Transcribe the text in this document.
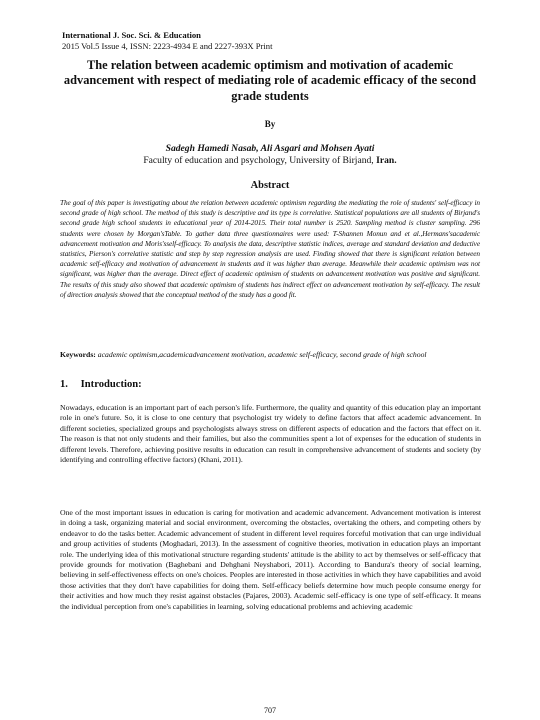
International J. Soc. Sci. & Education
2015 Vol.5 Issue 4, ISSN: 2223-4934 E and 2227-393X Print
The relation between academic optimism and motivation of academic advancement with respect of mediating role of academic efficacy of the second grade students
By
Sadegh Hamedi Nasab, Ali Asgari and Mohsen Ayati
Faculty of education and psychology, University of Birjand, Iran.
Abstract
The goal of this paper is investigating about the relation between academic optimism regarding the mediating the role of students' self-efficacy in second grade of high school. The method of this study is descriptive and its type is correlative. Statistical populations are all students of Birjand's second grade high school students in educational year of 2014-2015. Their total number is 2520. Sampling method is cluster sampling. 296 students were chosen by Morgan'sTable. To gather data three questionnaires were used: T-Shannen Monun and et al.,Hermans'sacademic advancement motivation and Moris'sself-efficacy. To analysis the data, descriptive statistic indices, average and standard deviation and deductive statistics, Pierson's correlative statistic and step by step regression analysis are used. Finding showed that there is significant relation between academic self-efficacy and motivation of advancement in students and it was higher than average. Meanwhile their academic optimism was not significant, was higher than the average. Direct effect of academic optimism of students on advancement motivation was positive and significant. The results of this study also showed that academic optimism of students has indirect effect on advancement motivation by self-efficacy. The result of direction analysis showed that the conceptual method of the study has a good fit.
Keywords: academic optimism,academicadvancement motivation, academic self-efficacy, second grade of high school
1. Introduction:
Nowadays, education is an important part of each person's life. Furthermore, the quality and quantity of this education play an important role in one's future. So, it is close to one century that psychologist try widely to define factors that affect academic advancement. In different societies, specialized groups and psychologists always stress on different aspects of education and the factors that effect on it. The reason is that not only students and their families, but also the communities spent a lot of expenses for the education of students in different levels. Therefore, achieving positive results in education can result in comprehensive advancement of students and society (by identifying and controlling effective factors) (Khani, 2011).
One of the most important issues in education is caring for motivation and academic advancement. Advancement motivation is interest in doing a task, organizing material and social environment, overcoming the obstacles, overtaking the others, and competing others by endeavor to do the tasks better. Academic advancement of student in different level requires forceful motivation that can urge individual and group activities of students (Moghadari, 2013). In the assessment of cognitive theories, motivation in education plays an important role. The underlying idea of this motivational structure regarding students' attitude is the ability to act by themselves or self-efficacy that provide grounds for motivation (Baghebani and Dehghani Neyshabori, 2011). According to Bandura's theory of social learning, believing in self-effectiveness effects on one's choices. Peoples are interested in those activities in which they have capabilities and avoid those activities that they don't have capabilities for doing them. Self-efficacy beliefs determine how much people consume energy for their activities and how much they resist against obstacles (Pajares, 2003). Academic self-efficacy is one type of self-efficacy. It means the individual perception from one's capabilities in learning, solving educational problems and achieving academic
707
